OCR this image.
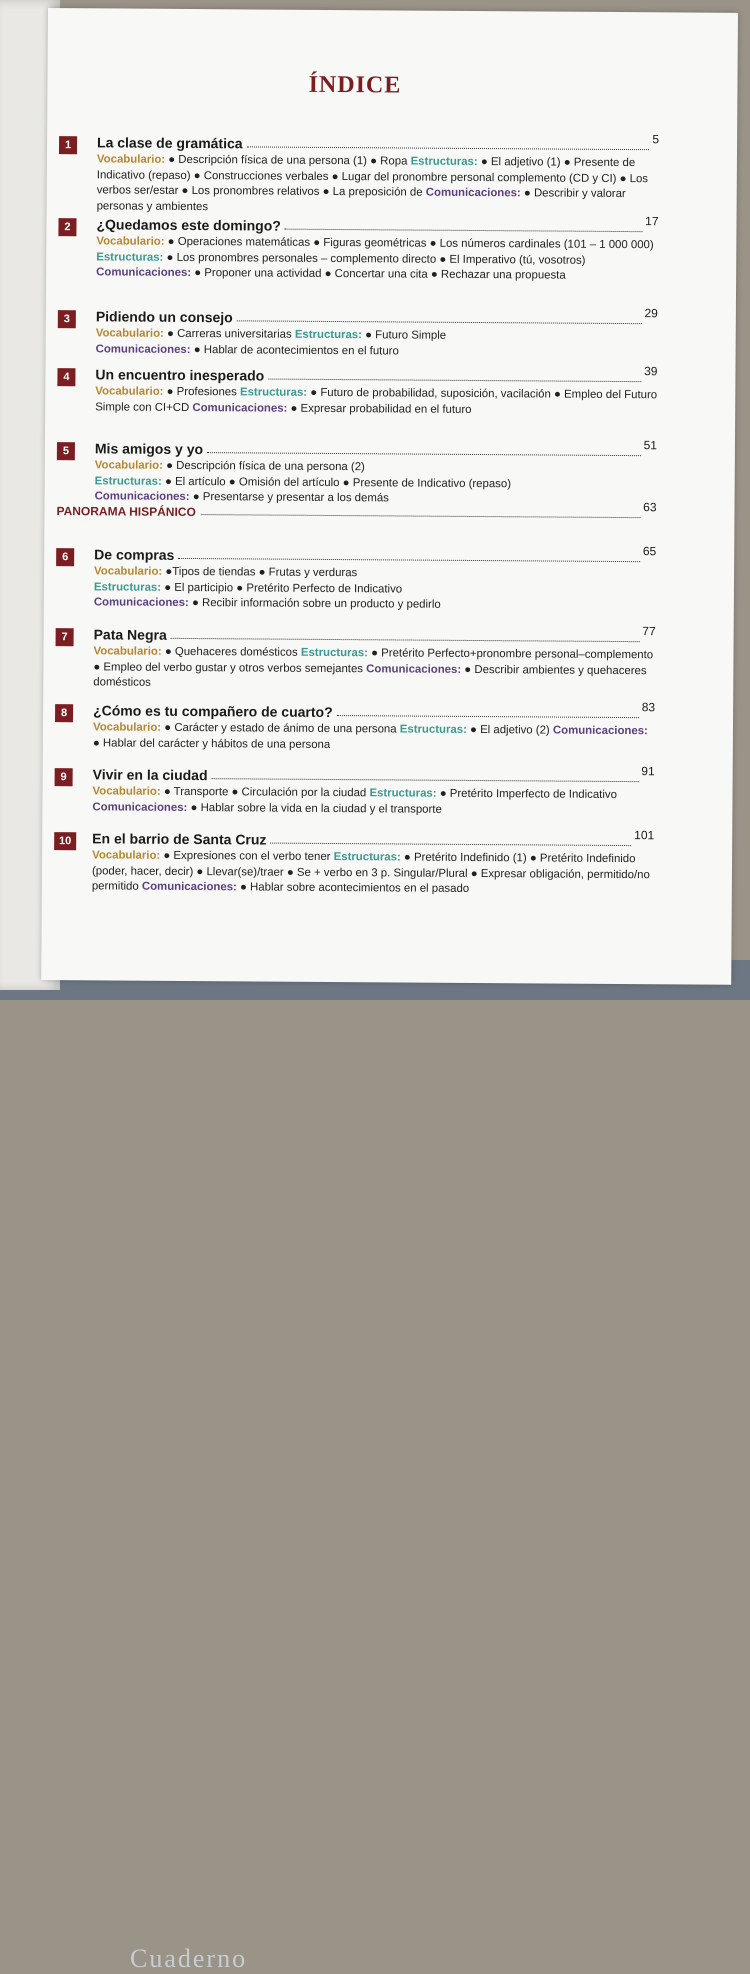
Cuaderno
ÍNDICE
1	La clase de gramática	5
Vocabulario: ● Descripción física de una persona (1) ● Ropa Estructuras: ● El adjetivo (1) ● Presente de Indicativo (repaso) ● Construcciones verbales ● Lugar del pronombre personal complemento (CD y CI) ● Los verbos ser/estar ● Los pronombres relativos ● La preposición de Comunicaciones: ● Describir y valorar personas y ambientes
2	¿Quedamos este domingo?	17
Vocabulario: ● Operaciones matemáticas ● Figuras geométricas ● Los números cardinales (101 – 1 000 000) Estructuras: ● Los pronombres personales – complemento directo ● El Imperativo (tú, vosotros) Comunicaciones: ● Proponer una actividad ● Concertar una cita ● Rechazar una propuesta
3	Pidiendo un consejo	29
Vocabulario: ● Carreras universitarias Estructuras: ● Futuro Simple
Comunicaciones: ● Hablar de acontecimientos en el futuro
4	Un encuentro inesperado	39
Vocabulario: ● Profesiones Estructuras: ● Futuro de probabilidad, suposición, vacilación ● Empleo del Futuro Simple con CI+CD Comunicaciones: ● Expresar probabilidad en el futuro
5	Mis amigos y yo	51
Vocabulario: ● Descripción física de una persona (2)
Estructuras: ● El artículo ● Omisión del artículo ● Presente de Indicativo (repaso)
Comunicaciones: ● Presentarse y presentar a los demás
PANORAMA HISPÁNICO	63
6	De compras	65
Vocabulario: ●Tipos de tiendas ● Frutas y verduras
Estructuras: ● El participio ● Pretérito Perfecto de Indicativo
Comunicaciones: ● Recibir información sobre un producto y pedirlo
7	Pata Negra	77
Vocabulario: ● Quehaceres domésticos Estructuras: ● Pretérito Perfecto+pronombre personal–complemento ● Empleo del verbo gustar y otros verbos semejantes Comunicaciones: ● Describir ambientes y quehaceres domésticos
8	¿Cómo es tu compañero de cuarto?	83
Vocabulario: ● Carácter y estado de ánimo de una persona Estructuras: ● El adjetivo (2) Comunicaciones: ● Hablar del carácter y hábitos de una persona
9	Vivir en la ciudad	91
Vocabulario: ● Transporte ● Circulación por la ciudad Estructuras: ● Pretérito Imperfecto de Indicativo Comunicaciones: ● Hablar sobre la vida en la ciudad y el transporte
10	En el barrio de Santa Cruz	101
Vocabulario: ● Expresiones con el verbo tener Estructuras: ● Pretérito Indefinido (1) ● Pretérito Indefinido (poder, hacer, decir) ● Llevar(se)/traer ● Se + verbo en 3 p. Singular/Plural ● Expresar obligación, permitido/no permitido Comunicaciones: ● Hablar sobre acontecimientos en el pasado
